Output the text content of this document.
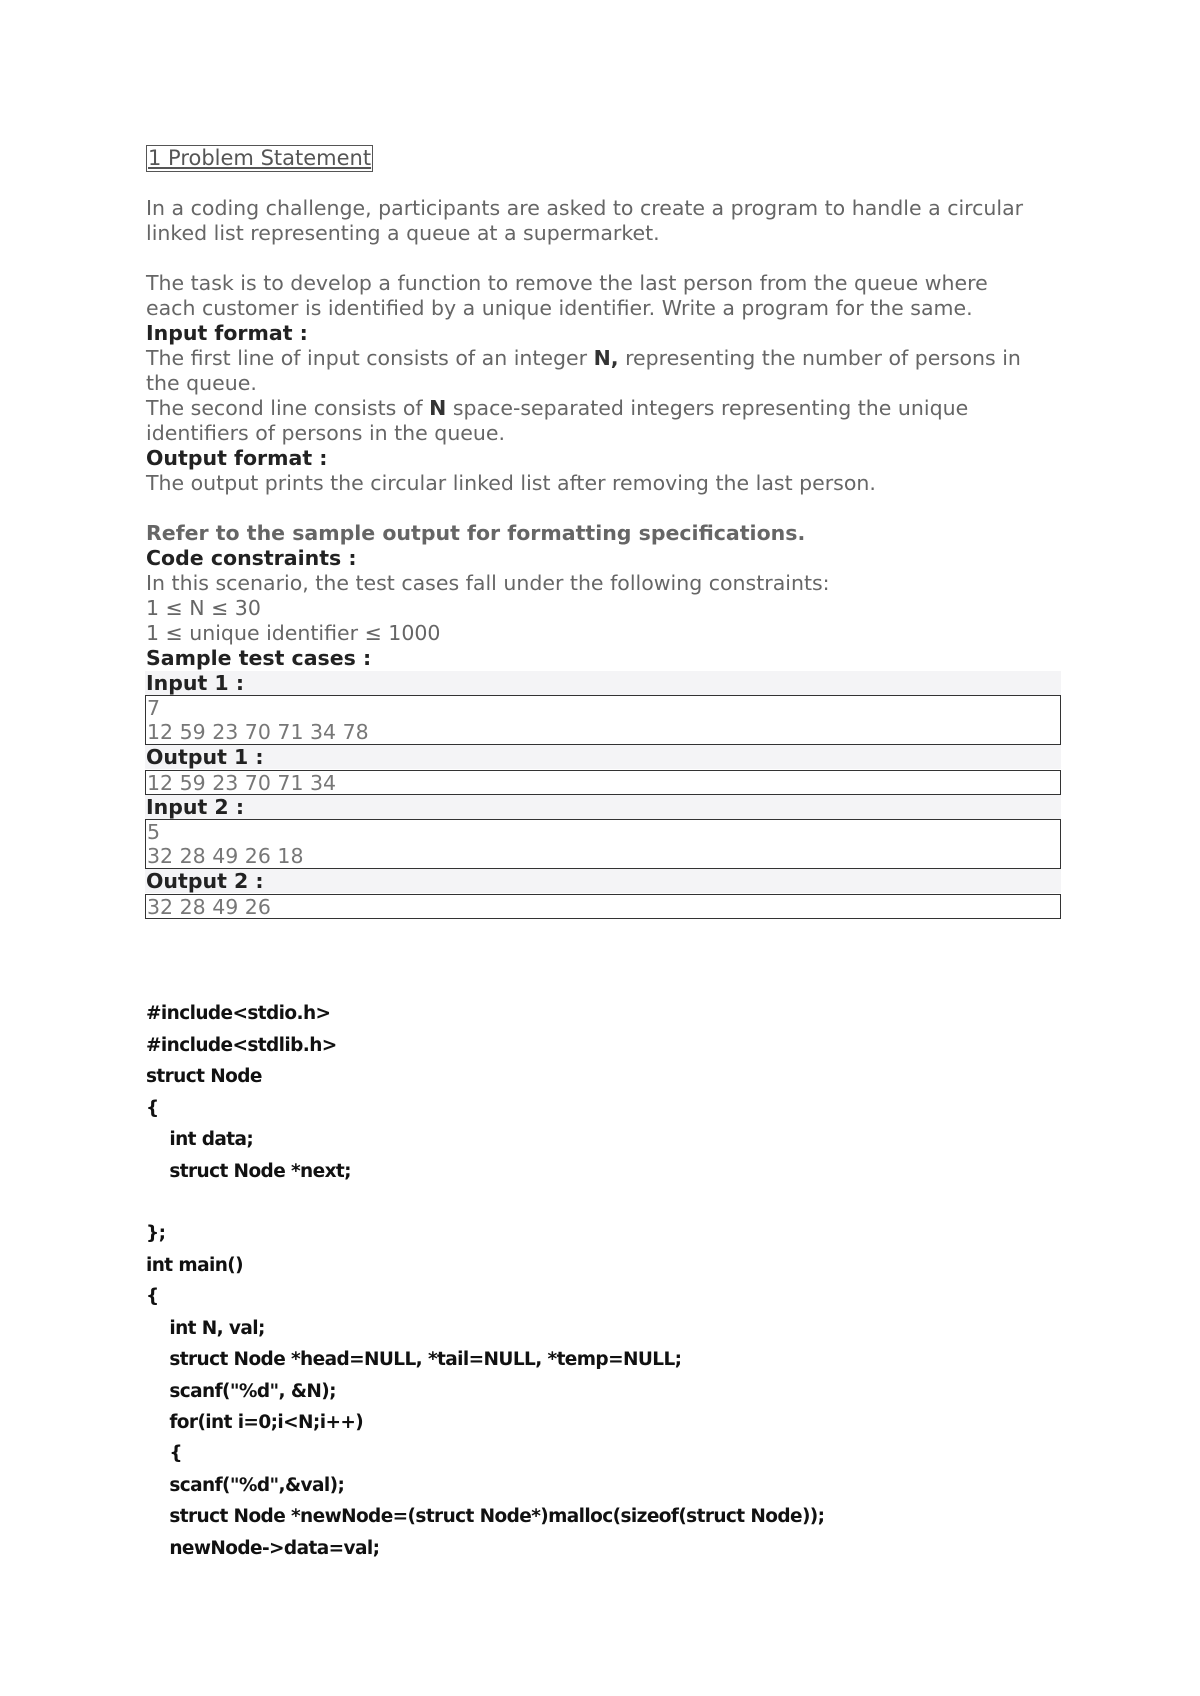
1 Problem Statement
In a coding challenge, participants are asked to create a program to handle a circular
linked list representing a queue at a supermarket.
The task is to develop a function to remove the last person from the queue where
each customer is identified by a unique identifier. Write a program for the same.
Input format :
The first line of input consists of an integer N, representing the number of persons in
the queue.
The second line consists of N space-separated integers representing the unique
identifiers of persons in the queue.
Output format :
The output prints the circular linked list after removing the last person.
Refer to the sample output for formatting specifications.
Code constraints :
In this scenario, the test cases fall under the following constraints:
1 ≤ N ≤ 30
1 ≤ unique identifier ≤ 1000
Sample test cases :
Input 1 :
7
12 59 23 70 71 34 78
Output 1 :
12 59 23 70 71 34
Input 2 :
5
32 28 49 26 18
Output 2 :
32 28 49 26
#include<stdio.h>
#include<stdlib.h>
struct Node
{
int data;
struct Node *next;
};
int main()
{
int N, val;
struct Node *head=NULL, *tail=NULL, *temp=NULL;
scanf("%d", &N);
for(int i=0;i<N;i++)
{
scanf("%d",&val);
struct Node *newNode=(struct Node*)malloc(sizeof(struct Node));
newNode->data=val;
